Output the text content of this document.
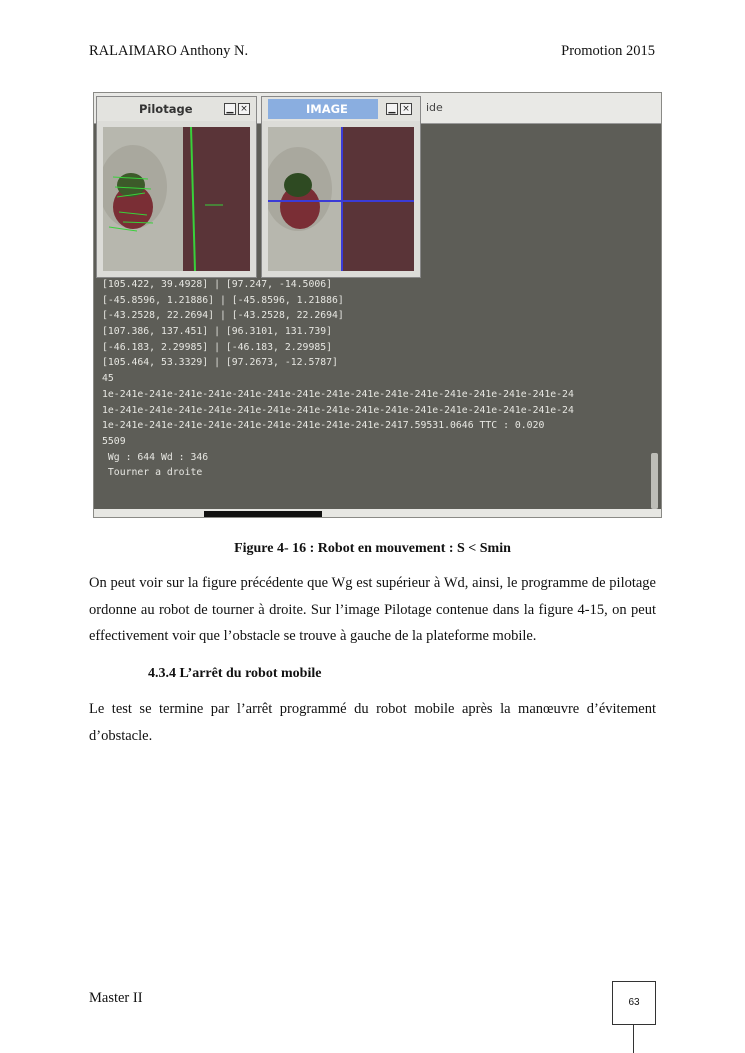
RALAIMARO Anthony N.	Promotion 2015
ide
[105.422, 39.4928] | [97.247, -14.5006]
[-45.8596, 1.21886] | [-45.8596, 1.21886]
[-43.2528, 22.2694] | [-43.2528, 22.2694]
[107.386, 137.451] | [96.3101, 131.739]
[-46.183, 2.29985] | [-46.183, 2.29985]
[105.464, 53.3329] | [97.2673, -12.5787]
45
1e-241e-241e-241e-241e-241e-241e-241e-241e-241e-241e-241e-241e-241e-241e-241e-24
1e-241e-241e-241e-241e-241e-241e-241e-241e-241e-241e-241e-241e-241e-241e-241e-24
1e-241e-241e-241e-241e-241e-241e-241e-241e-241e-2417.59531.0646 TTC : 0.020
5509
Wg : 644 Wd : 346
Tourner a droite
Pilotage	▁ ×	IMAGE	▁ ×
Figure 4- 16 : Robot en mouvement : S < Smin
On peut voir sur la figure précédente que Wg est supérieur à Wd, ainsi, le programme de pilotage ordonne au robot de tourner à droite. Sur l’image Pilotage contenue dans la figure 4-15, on peut effectivement voir que l’obstacle se trouve à gauche de la plateforme mobile.
4.3.4 L’arrêt du robot mobile
Le test se termine par l’arrêt programmé du robot mobile après la manœuvre d’évitement d’obstacle.
Master II	63
